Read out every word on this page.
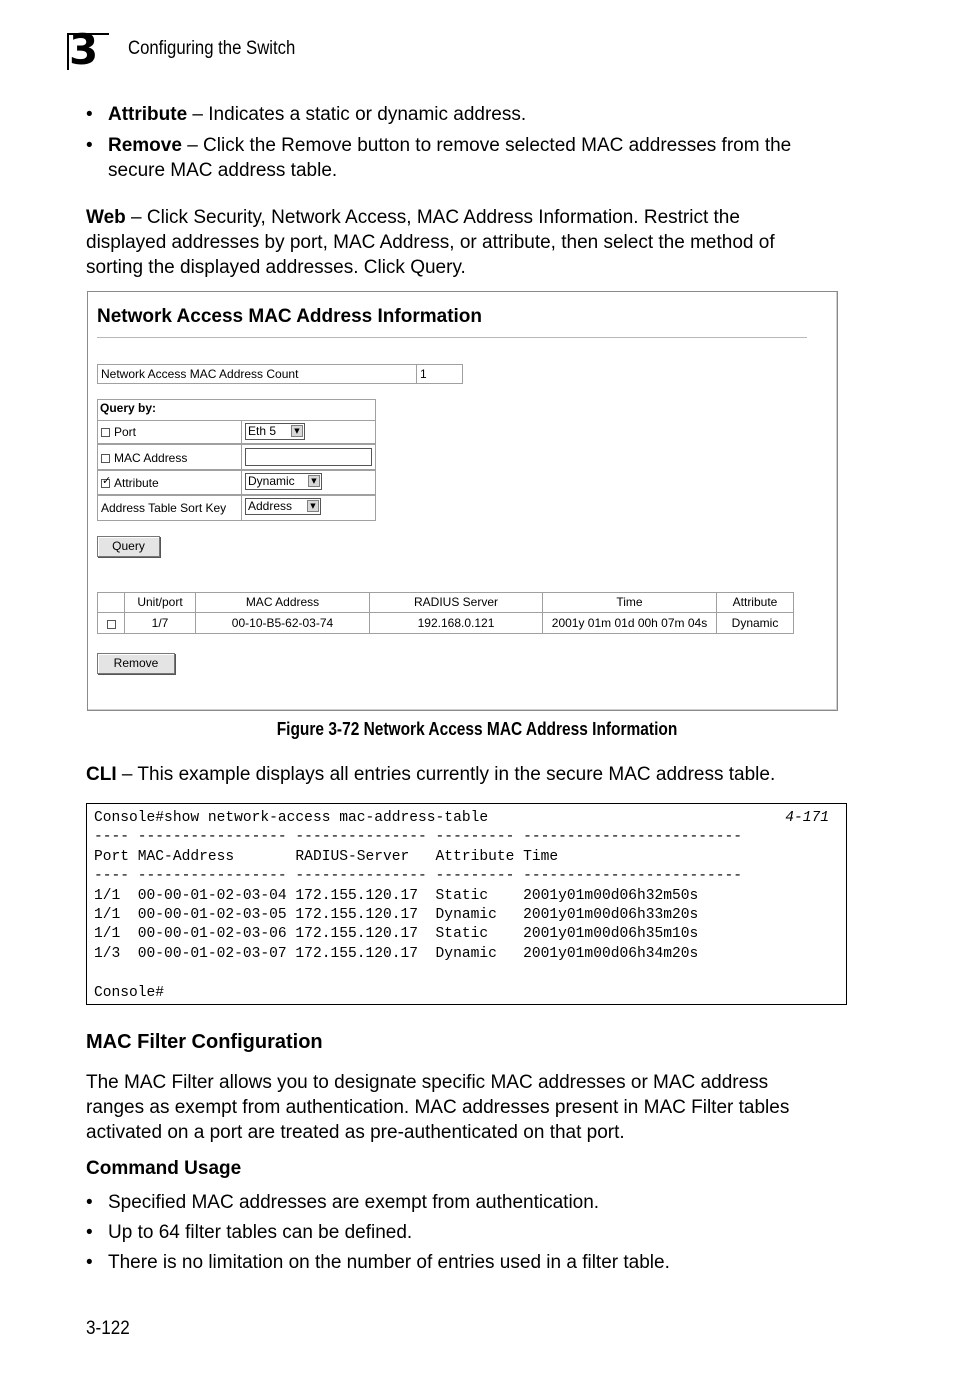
3 Configuring the Switch
• Attribute – Indicates a static or dynamic address.
• Remove – Click the Remove button to remove selected MAC addresses from the
secure MAC address table.
Web – Click Security, Network Access, MAC Address Information. Restrict the
displayed addresses by port, MAC Address, or attribute, then select the method of
sorting the displayed addresses. Click Query.
Network Access MAC Address Information
Network Access MAC Address Count	1
Query by:
Port	Eth 5	▼
MAC Address
✓Attribute	Dynamic	▼
Address Table Sort Key	Address	▼
Query
Unit/port	MAC Address	RADIUS Server	Time	Attribute
1/7	00-10-B5-62-03-74	192.168.0.121	2001y 01m 01d 00h 07m 04s	Dynamic
Remove
Figure 3-72 Network Access MAC Address Information
CLI – This example displays all entries currently in the secure MAC address table.
Console#show network-access mac-address-table
---- ----------------- --------------- --------- -------------------------
Port MAC-Address       RADIUS-Server   Attribute Time
---- ----------------- --------------- --------- -------------------------
1/1  00-00-01-02-03-04 172.155.120.17  Static    2001y01m00d06h32m50s
1/1  00-00-01-02-03-05 172.155.120.17  Dynamic   2001y01m00d06h33m20s
1/1  00-00-01-02-03-06 172.155.120.17  Static    2001y01m00d06h35m10s
1/3  00-00-01-02-03-07 172.155.120.17  Dynamic   2001y01m00d06h34m20s

Console#
4-171
MAC Filter Configuration
The MAC Filter allows you to designate specific MAC addresses or MAC address
ranges as exempt from authentication. MAC addresses present in MAC Filter tables
activated on a port are treated as pre-authenticated on that port.
Command Usage
• Specified MAC addresses are exempt from authentication.
• Up to 64 filter tables can be defined.
• There is no limitation on the number of entries used in a filter table.
3-122
